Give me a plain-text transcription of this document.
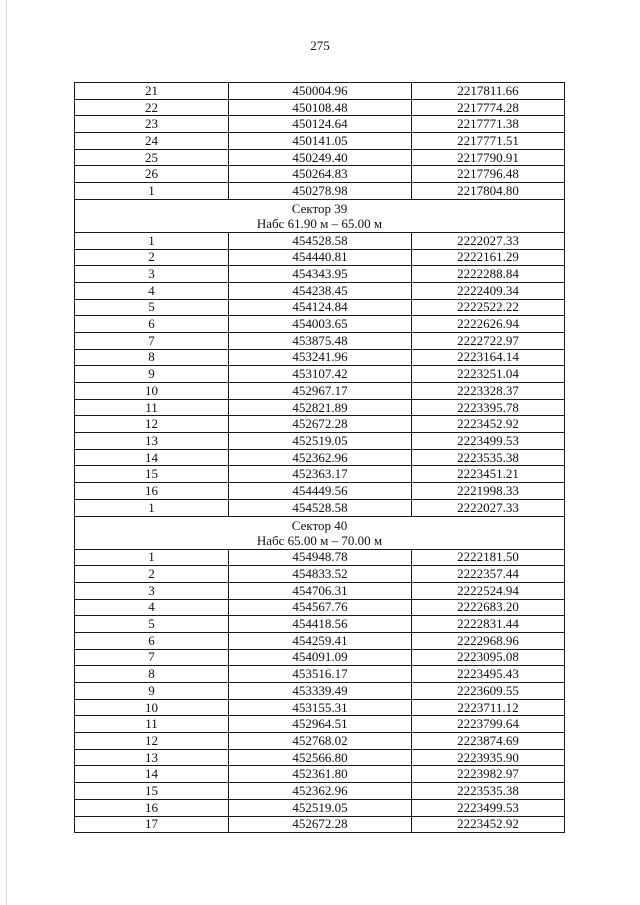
275
21	450004.96	2217811.66
22	450108.48	2217774.28
23	450124.64	2217771.38
24	450141.05	2217771.51
25	450249.40	2217790.91
26	450264.83	2217796.48
1	450278.98	2217804.80

Сектор 39
Набс 61.90 м – 65.00 м		

1	454528.58	2222027.33
2	454440.81	2222161.29
3	454343.95	2222288.84
4	454238.45	2222409.34
5	454124.84	2222522.22
6	454003.65	2222626.94
7	453875.48	2222722.97
8	453241.96	2223164.14
9	453107.42	2223251.04
10	452967.17	2223328.37
11	452821.89	2223395.78
12	452672.28	2223452.92
13	452519.05	2223499.53
14	452362.96	2223535.38
15	452363.17	2223451.21
16	454449.56	2221998.33
1	454528.58	2222027.33

Сектор 40
Набс 65.00 м – 70.00 м		

1	454948.78	2222181.50
2	454833.52	2222357.44
3	454706.31	2222524.94
4	454567.76	2222683.20
5	454418.56	2222831.44
6	454259.41	2222968.96
7	454091.09	2223095.08
8	453516.17	2223495.43
9	453339.49	2223609.55
10	453155.31	2223711.12
11	452964.51	2223799.64
12	452768.02	2223874.69
13	452566.80	2223935.90
14	452361.80	2223982.97
15	452362.96	2223535.38
16	452519.05	2223499.53
17	452672.28	2223452.92
